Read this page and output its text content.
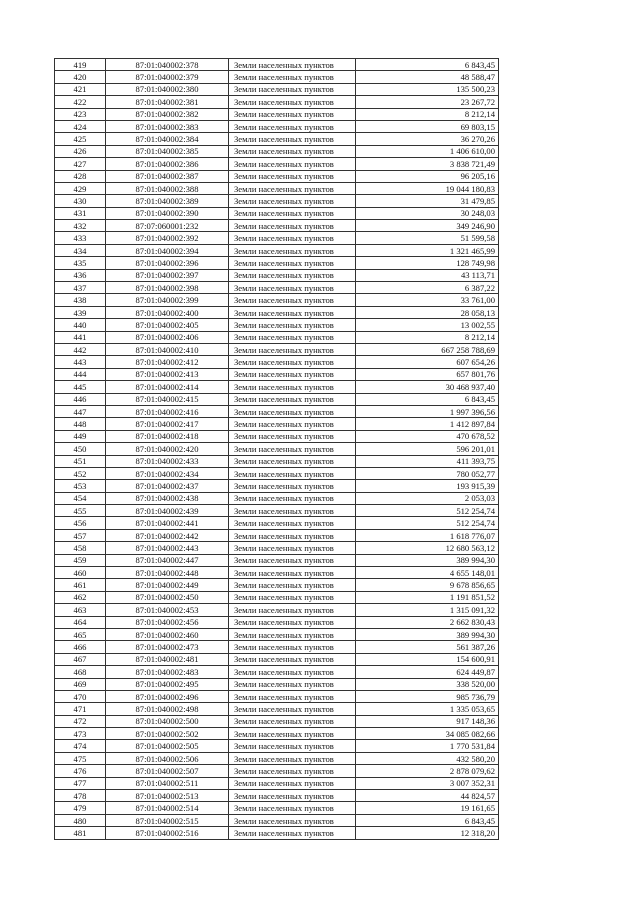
419	87:01:040002:378	Земли населенных пунктов	6 843,45
420	87:01:040002:379	Земли населенных пунктов	48 588,47
421	87:01:040002:380	Земли населенных пунктов	135 500,23
422	87:01:040002:381	Земли населенных пунктов	23 267,72
423	87:01:040002:382	Земли населенных пунктов	8 212,14
424	87:01:040002:383	Земли населенных пунктов	69 803,15
425	87:01:040002:384	Земли населенных пунктов	36 270,26
426	87:01:040002:385	Земли населенных пунктов	1 406 610,00
427	87:01:040002:386	Земли населенных пунктов	3 838 721,49
428	87:01:040002:387	Земли населенных пунктов	96 205,16
429	87:01:040002:388	Земли населенных пунктов	19 044 180,83
430	87:01:040002:389	Земли населенных пунктов	31 479,85
431	87:01:040002:390	Земли населенных пунктов	30 248,03
432	87:07:060001:232	Земли населенных пунктов	349 246,90
433	87:01:040002:392	Земли населенных пунктов	51 599,58
434	87:01:040002:394	Земли населенных пунктов	1 321 465,99
435	87:01:040002:396	Земли населенных пунктов	128 749,98
436	87:01:040002:397	Земли населенных пунктов	43 113,71
437	87:01:040002:398	Земли населенных пунктов	6 387,22
438	87:01:040002:399	Земли населенных пунктов	33 761,00
439	87:01:040002:400	Земли населенных пунктов	28 058,13
440	87:01:040002:405	Земли населенных пунктов	13 002,55
441	87:01:040002:406	Земли населенных пунктов	8 212,14
442	87:01:040002:410	Земли населенных пунктов	667 258 788,69
443	87:01:040002:412	Земли населенных пунктов	607 654,26
444	87:01:040002:413	Земли населенных пунктов	657 801,76
445	87:01:040002:414	Земли населенных пунктов	30 468 937,40
446	87:01:040002:415	Земли населенных пунктов	6 843,45
447	87:01:040002:416	Земли населенных пунктов	1 997 396,56
448	87:01:040002:417	Земли населенных пунктов	1 412 897,84
449	87:01:040002:418	Земли населенных пунктов	470 678,52
450	87:01:040002:420	Земли населенных пунктов	596 201,01
451	87:01:040002:433	Земли населенных пунктов	411 393,75
452	87:01:040002:434	Земли населенных пунктов	780 052,77
453	87:01:040002:437	Земли населенных пунктов	193 915,39
454	87:01:040002:438	Земли населенных пунктов	2 053,03
455	87:01:040002:439	Земли населенных пунктов	512 254,74
456	87:01:040002:441	Земли населенных пунктов	512 254,74
457	87:01:040002:442	Земли населенных пунктов	1 618 776,07
458	87:01:040002:443	Земли населенных пунктов	12 680 563,12
459	87:01:040002:447	Земли населенных пунктов	389 994,30
460	87:01:040002:448	Земли населенных пунктов	4 655 148,01
461	87:01:040002:449	Земли населенных пунктов	9 678 856,65
462	87:01:040002:450	Земли населенных пунктов	1 191 851,52
463	87:01:040002:453	Земли населенных пунктов	1 315 091,32
464	87:01:040002:456	Земли населенных пунктов	2 662 830,43
465	87:01:040002:460	Земли населенных пунктов	389 994,30
466	87:01:040002:473	Земли населенных пунктов	561 387,26
467	87:01:040002:481	Земли населенных пунктов	154 600,91
468	87:01:040002:483	Земли населенных пунктов	624 449,87
469	87:01:040002:495	Земли населенных пунктов	338 520,00
470	87:01:040002:496	Земли населенных пунктов	985 736,79
471	87:01:040002:498	Земли населенных пунктов	1 335 053,65
472	87:01:040002:500	Земли населенных пунктов	917 148,36
473	87:01:040002:502	Земли населенных пунктов	34 085 082,66
474	87:01:040002:505	Земли населенных пунктов	1 770 531,84
475	87:01:040002:506	Земли населенных пунктов	432 580,20
476	87:01:040002:507	Земли населенных пунктов	2 878 079,62
477	87:01:040002:511	Земли населенных пунктов	3 007 352,31
478	87:01:040002:513	Земли населенных пунктов	44 824,57
479	87:01:040002:514	Земли населенных пунктов	19 161,65
480	87:01:040002:515	Земли населенных пунктов	6 843,45
481	87:01:040002:516	Земли населенных пунктов	12 318,20
